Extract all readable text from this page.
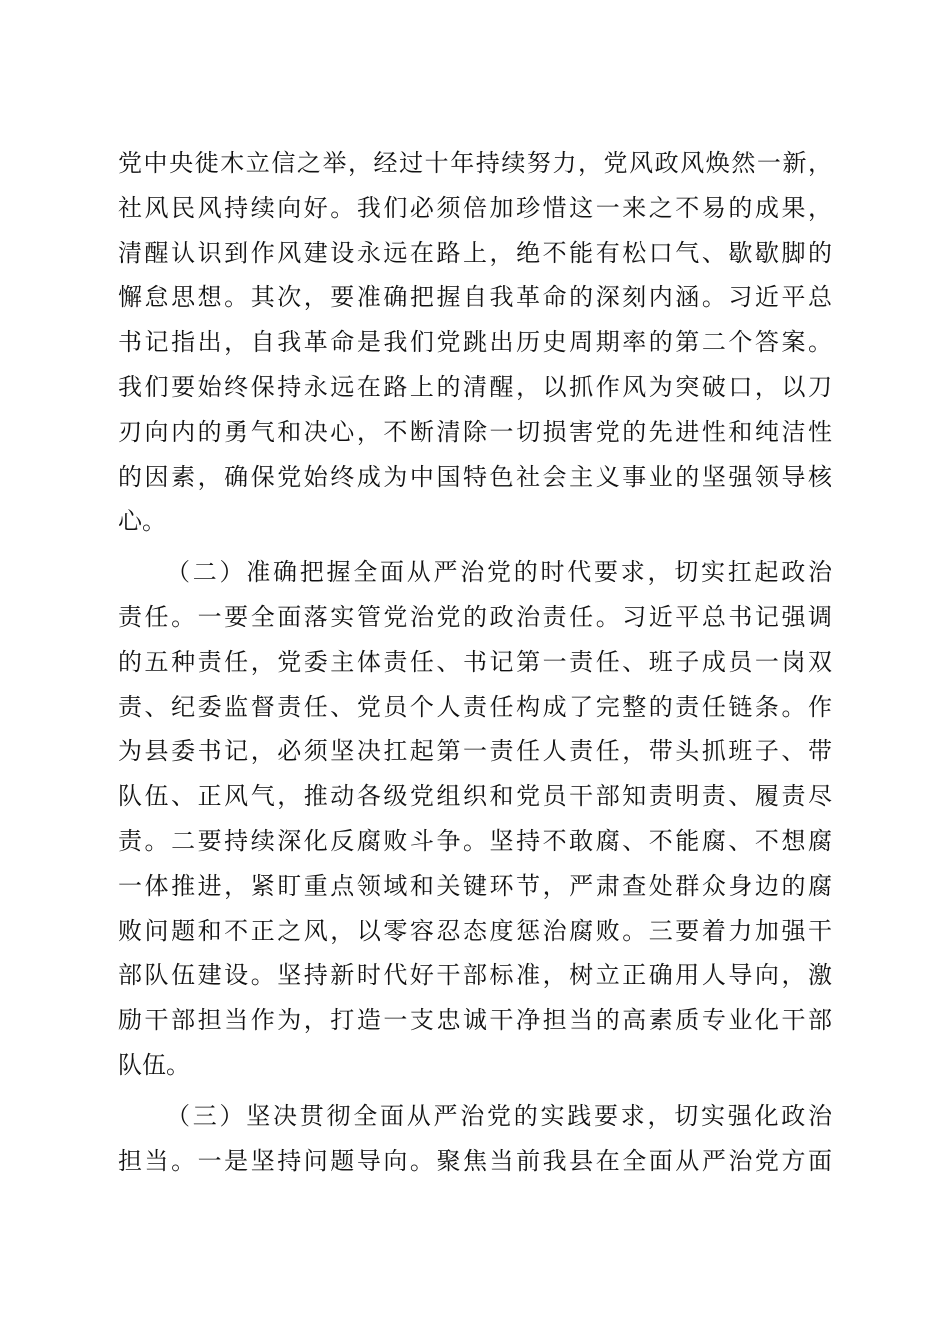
党中央徙木立信之举，经过十年持续努力，党风政风焕然一新，
社风民风持续向好。我们必须倍加珍惜这一来之不易的成果，
清醒认识到作风建设永远在路上，绝不能有松口气、歇歇脚的
懈怠思想。其次，要准确把握自我革命的深刻内涵。习近平总
书记指出，自我革命是我们党跳出历史周期率的第二个答案。
我们要始终保持永远在路上的清醒，以抓作风为突破口，以刀
刃向内的勇气和决心，不断清除一切损害党的先进性和纯洁性
的因素，确保党始终成为中国特色社会主义事业的坚强领导核
心。
（二）准确把握全面从严治党的时代要求，切实扛起政治
责任。一要全面落实管党治党的政治责任。习近平总书记强调
的五种责任，党委主体责任、书记第一责任、班子成员一岗双
责、纪委监督责任、党员个人责任构成了完整的责任链条。作
为县委书记，必须坚决扛起第一责任人责任，带头抓班子、带
队伍、正风气，推动各级党组织和党员干部知责明责、履责尽
责。二要持续深化反腐败斗争。坚持不敢腐、不能腐、不想腐
一体推进，紧盯重点领域和关键环节，严肃查处群众身边的腐
败问题和不正之风，以零容忍态度惩治腐败。三要着力加强干
部队伍建设。坚持新时代好干部标准，树立正确用人导向，激
励干部担当作为，打造一支忠诚干净担当的高素质专业化干部
队伍。
（三）坚决贯彻全面从严治党的实践要求，切实强化政治
担当。一是坚持问题导向。聚焦当前我县在全面从严治党方面
